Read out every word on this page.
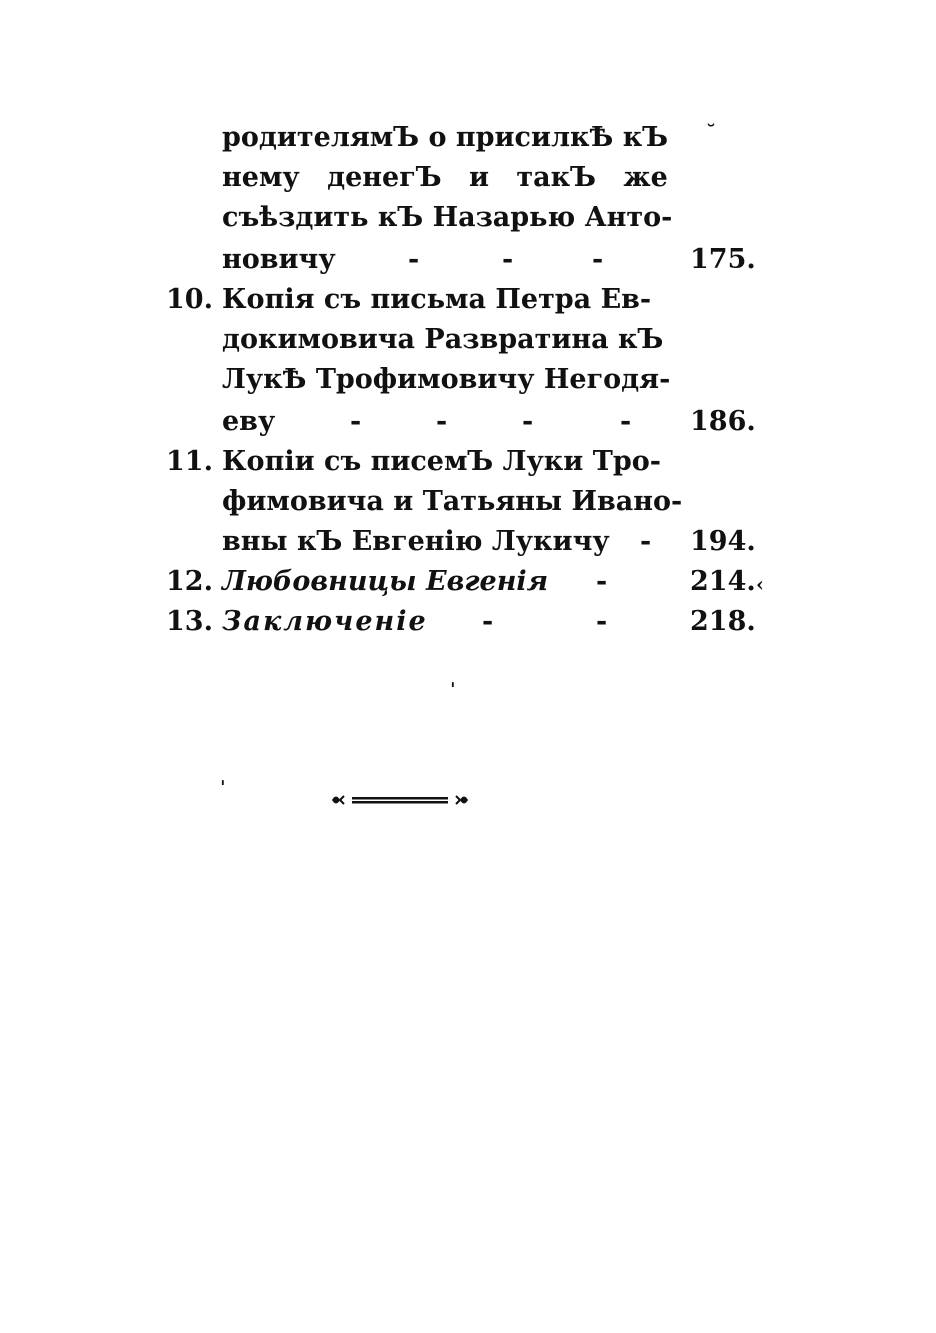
родителямЪ о присилкѢ кЪ
нему денегЪ и такЪ же
съѣздить кЪ Назарью Анто-
новичу	-	-	-	175.
10. Копія съ письма Петра Ев-
докимовича Развратина кЪ
ЛукѢ Трофимовичу Негодя-
еву	-	-	-	- 186.
11. Копіи съ писемЪ Луки Тро-
фимовича и Татьяны Ивано-
вны кЪ Евгенію Лукичу - 194.
12. Любовницы Евгенія -	214.
13. Заключеніе -	-	218.
˘
‹
ˌ
ˈ
